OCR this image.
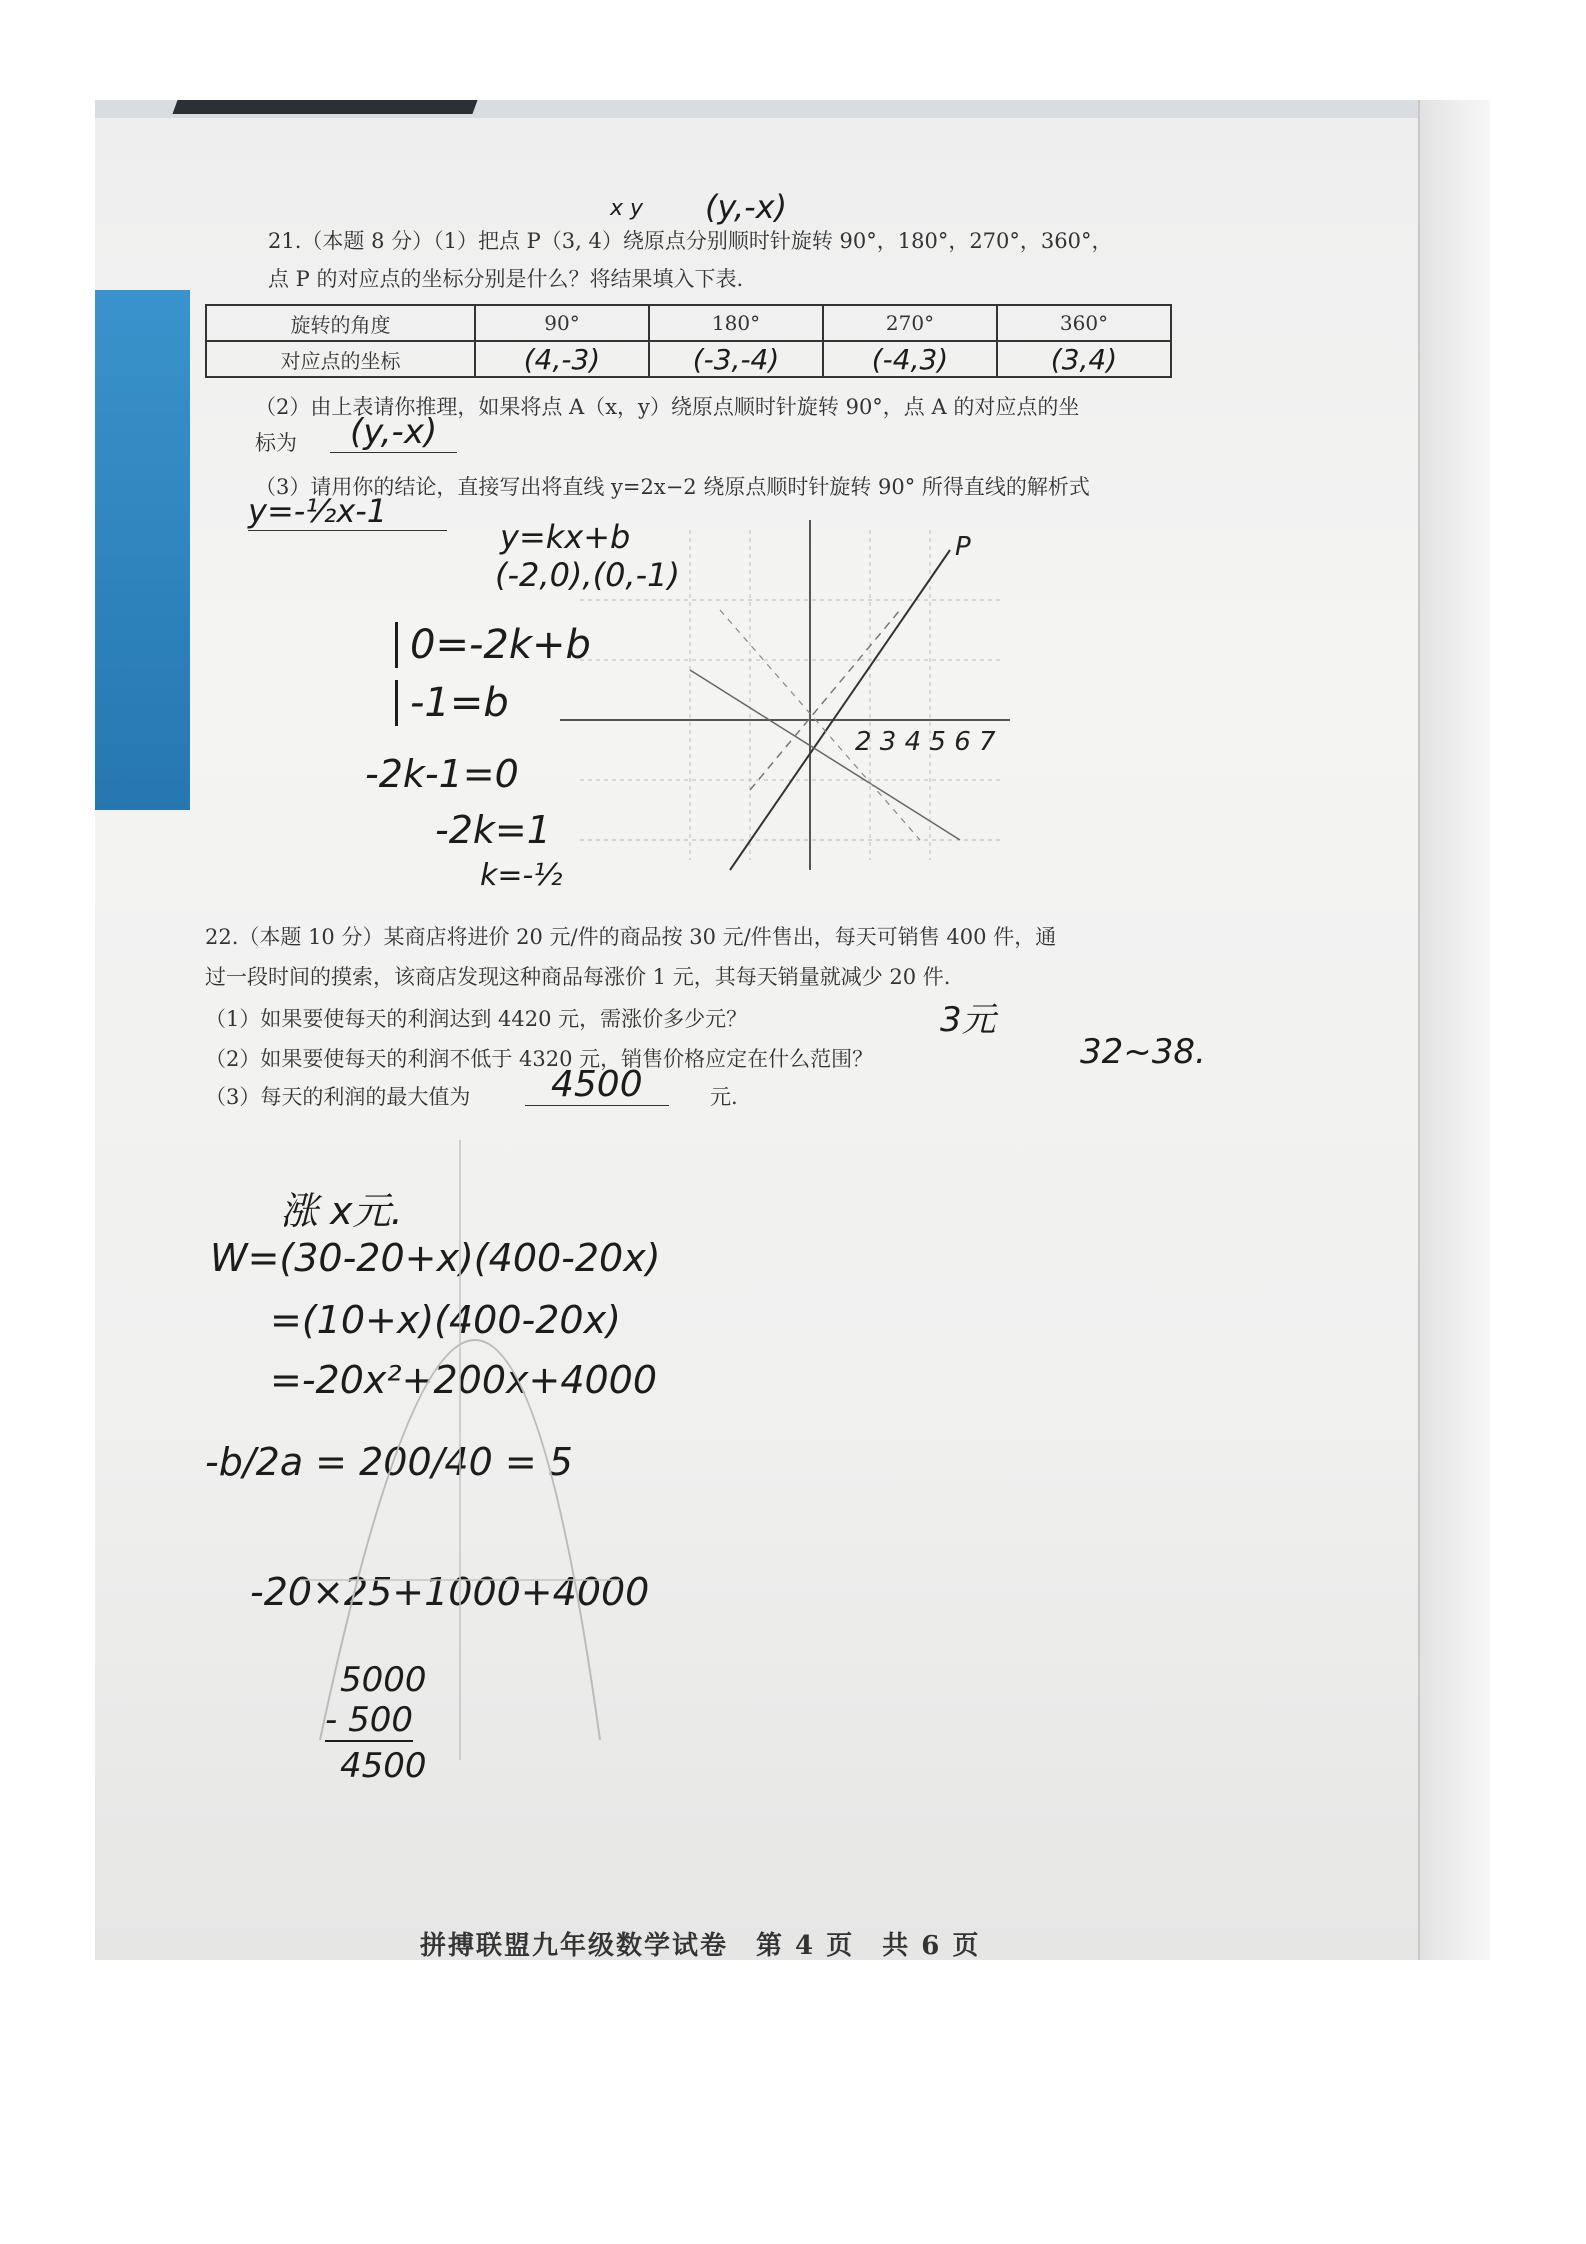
x y (y,-x)
21.（本题 8 分）（1）把点 P（3, 4）绕原点分别顺时针旋转 90°，180°，270°，360°，
点 P 的对应点的坐标分别是什么？将结果填入下表.
旋转的角度	90°	180°	270°	360°
对应点的坐标	(4,-3)	(-3,-4)	(-4,3)	(3,4)
（2）由上表请你推理，如果将点 A（x，y）绕原点顺时针旋转 90°，点 A 的对应点的坐
标为	(y,-x)
（3）请用你的结论，直接写出将直线 y=2x−2 绕原点顺时针旋转 90° 所得直线的解析式
y=-½x-1
y=kx+b
(-2,0),(0,-1)
0=-2k+b
-1=b
-2k-1=0
-2k=1
k=-½
P
2 3 4 5 6 7
22.（本题 10 分）某商店将进价 20 元/件的商品按 30 元/件售出，每天可销售 400 件，通
过一段时间的摸索，该商店发现这种商品每涨价 1 元，其每天销量就减少 20 件.
（1）如果要使每天的利润达到 4420 元，需涨价多少元？	3元
（2）如果要使每天的利润不低于 4320 元，销售价格应定在什么范围？	32~38.
（3）每天的利润的最大值为	4500	元.
涨 x元.
W=(30-20+x)(400-20x)
=(10+x)(400-20x)
=-20x²+200x+4000
-b/2a = 200/40 = 5
-20×25+1000+4000
5000
- 500
4500
拼搏联盟九年级数学试卷　第 4 页　共 6 页
